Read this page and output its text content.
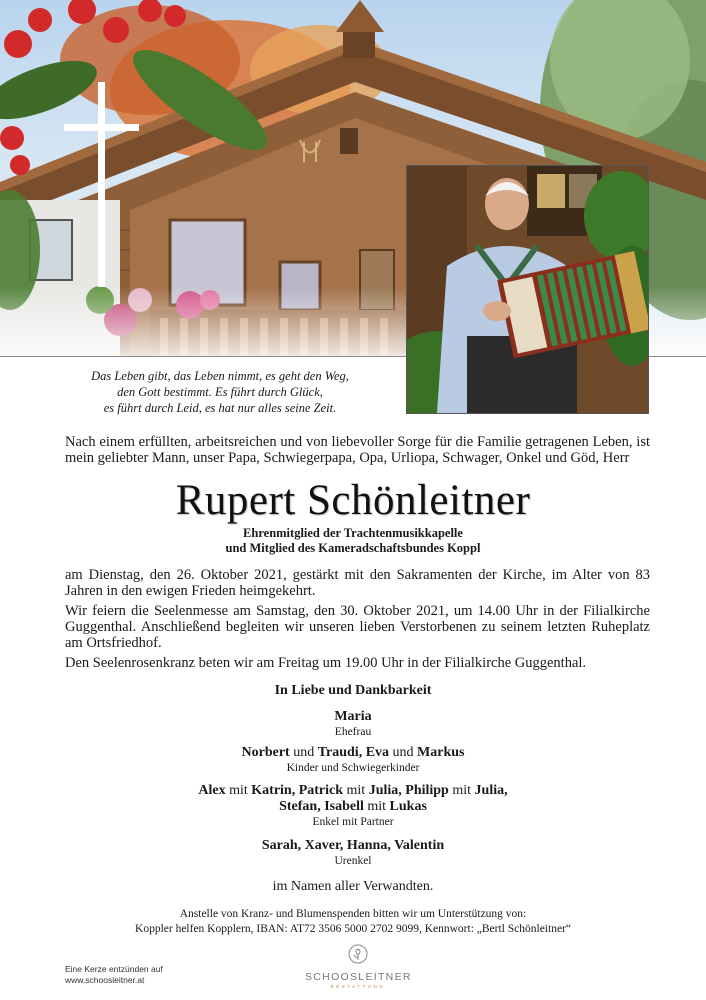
Das Leben gibt, das Leben nimmt, es geht den Weg,
den Gott bestimmt. Es führt durch Glück,
es führt durch Leid, es hat nur alles seine Zeit.
Nach einem erfüllten, arbeitsreichen und von liebevoller Sorge für die Familie getragenen Leben, ist mein geliebter Mann, unser Papa, Schwiegerpapa, Opa, Urliopa, Schwager, Onkel und Göd, Herr
Rupert Schönleitner
Ehrenmitglied der Trachtenmusikkapelle
und Mitglied des Kameradschaftsbundes Koppl
am Dienstag, den 26. Oktober 2021, gestärkt mit den Sakramenten der Kirche, im Alter von 83 Jahren in den ewigen Frieden heimgekehrt.
Wir feiern die Seelenmesse am Samstag, den 30. Oktober 2021, um 14.00 Uhr in der Filialkirche Guggenthal. Anschließend begleiten wir unseren lieben Verstorbenen zu seinem letzten Ruheplatz am Ortsfriedhof.
Den Seelenrosenkranz beten wir am Freitag um 19.00 Uhr in der Filialkirche Guggenthal.
In Liebe und Dankbarkeit
Maria
Ehefrau
Norbert und Traudi, Eva und Markus
Kinder und Schwiegerkinder
Alex mit Katrin, Patrick mit Julia, Philipp mit Julia,
Stefan, Isabell mit Lukas
Enkel mit Partner
Sarah, Xaver, Hanna, Valentin
Urenkel
im Namen aller Verwandten.
Anstelle von Kranz- und Blumenspenden bitten wir um Unterstützung von:
Koppler helfen Kopplern, IBAN: AT72 3506 5000 2702 9099, Kennwort: „Bertl Schönleitner“
Eine Kerze entzünden auf
www.schoosleitner.at	SCHOOSLEITNER
BESTATTUNG
